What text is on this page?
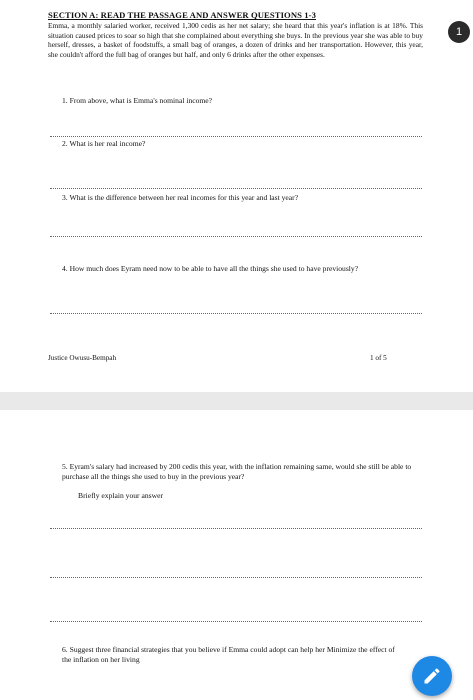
SECTION A: READ THE PASSAGE AND ANSWER QUESTIONS 1-3
Emma, a monthly salaried worker, received 1,300 cedis as her net salary; she heard that this year's inflation is at 18%. This situation caused prices to soar so high that she complained about everything she buys. In the previous year she was able to buy herself, dresses, a basket of foodstuffs, a small bag of oranges, a dozen of drinks and her transportation. However, this year, she couldn't afford the full bag of oranges but half, and only 6 drinks after the other expenses.
1. From above, what is Emma's nominal income?
2. What is her real income?
3. What is the difference between her real incomes for this year and last year?
4. How much does Eyram need now to be able to have all the things she used to have previously?
Justice Owusu-Bempah	1 of 5
5. Eyram's salary had increased by 200 cedis this year, with the inflation remaining same, would she still be able to purchase all the things she used to buy in the previous year?
Briefly explain your answer
6. Suggest three financial strategies that you believe if Emma could adopt can help her Minimize the effect of the inflation on her living
1
